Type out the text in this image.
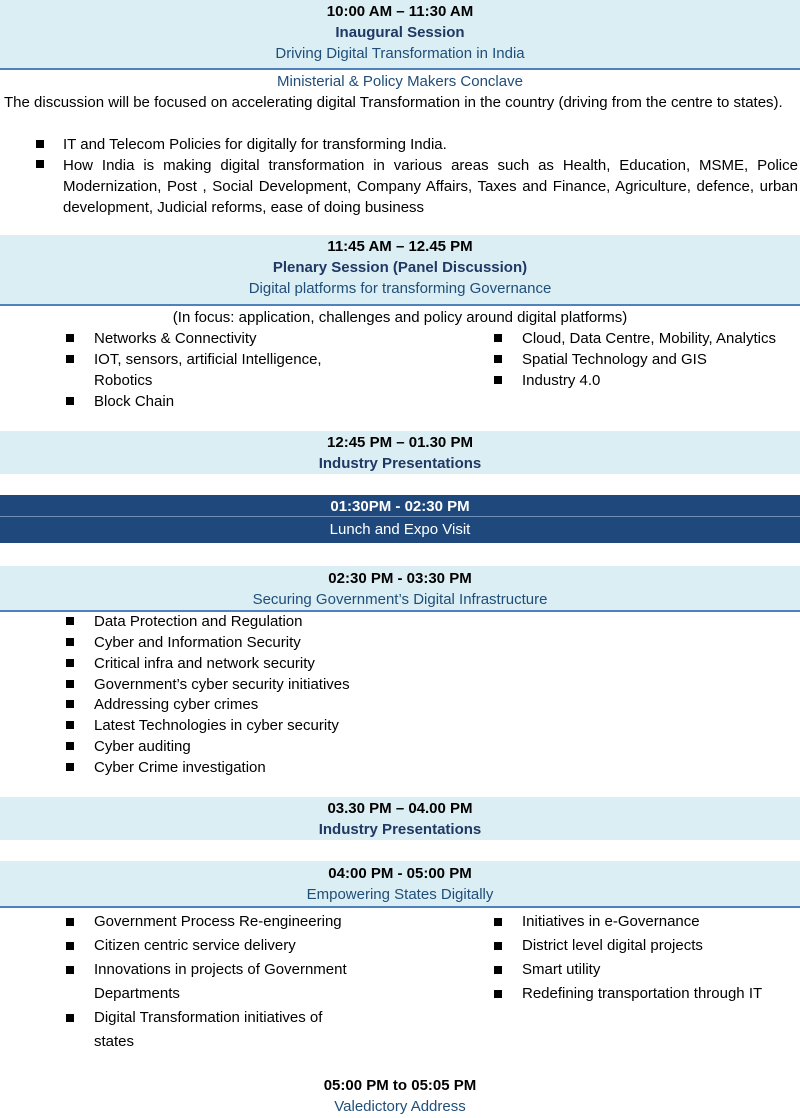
10:00 AM – 11:30 AM
Inaugural Session
Driving Digital Transformation in India
Ministerial & Policy Makers Conclave
The discussion will be focused on accelerating digital Transformation in the country (driving from the centre to states).
IT and Telecom Policies for digitally for transforming India.
How India is making digital transformation in various areas such as Health, Education, MSME, Police Modernization, Post , Social Development, Company Affairs, Taxes and Finance, Agriculture, defence, urban development, Judicial reforms, ease of doing business
11:45 AM – 12.45 PM
Plenary Session (Panel Discussion)
Digital platforms for transforming Governance
(In focus: application, challenges and policy around digital platforms)
Networks & Connectivity
IOT, sensors, artificial Intelligence, Robotics
Block Chain
Cloud, Data Centre, Mobility, Analytics
Spatial Technology and GIS
Industry 4.0
12:45 PM – 01.30 PM
Industry Presentations
01:30PM - 02:30 PM
Lunch and Expo Visit
02:30 PM - 03:30 PM
Securing Government’s Digital Infrastructure
Data Protection and Regulation
Cyber and Information Security
Critical infra and network security
Government’s cyber security initiatives
Addressing cyber crimes
Latest Technologies in cyber security
Cyber auditing
Cyber Crime investigation
03.30 PM – 04.00 PM
Industry Presentations
04:00 PM - 05:00 PM
Empowering States Digitally
Government Process Re-engineering
Citizen centric service delivery
Innovations in projects of Government Departments
Digital Transformation initiatives of states
Initiatives in e-Governance
District level digital projects
Smart utility
Redefining transportation through IT
05:00 PM to 05:05 PM
Valedictory Address
